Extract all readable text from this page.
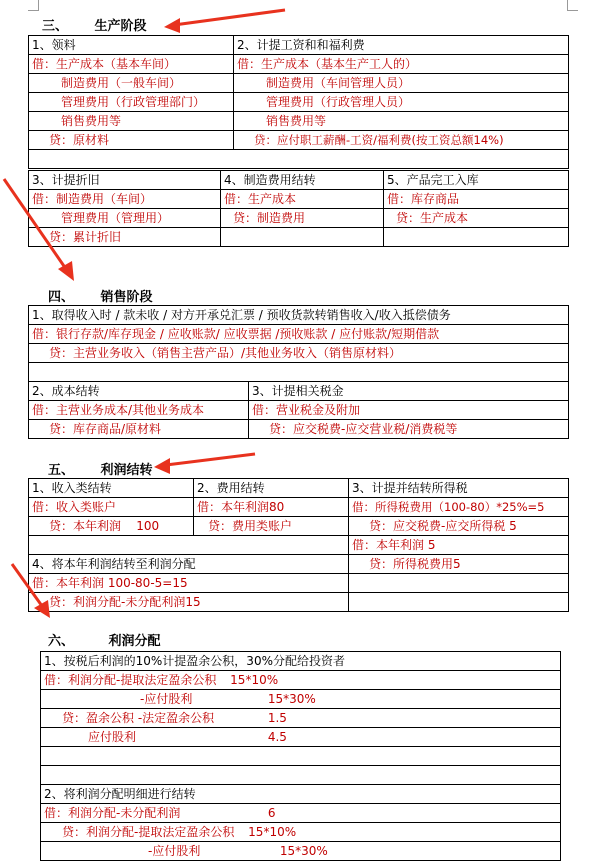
三、 生产阶段
1、领料	2、计提工资和和福利费
借：生产成本（基本车间）	借：生产成本（基本生产工人的）
制造费用（一般车间）	制造费用（车间管理人员）
管理费用（行政管理部门）	管理费用（行政管理人员）
销售费用等	销售费用等
贷：原材料	贷：应付职工薪酬-工资/福利费(按工资总额14%)

3、计提折旧	4、制造费用结转	5、产品完工入库
借：制造费用（车间）	借：生产成本	借：库存商品
管理费用（管理用）	贷：制造费用	贷：生产成本
贷：累计折旧		
四、 销售阶段
1、取得收入时 / 款未收 / 对方开承兑汇票 / 预收货款转销售收入/收入抵偿债务	
借：银行存款/库存现金 / 应收账款/ 应收票据 /预收账款 / 应付账款/短期借款	
贷：主营业务收入（销售主营产品）/其他业务收入（销售原材料）	

2、成本结转	3、计提相关税金
借：主营业务成本/其他业务成本	借：营业税金及附加
贷：库存商品/原材料	贷：应交税费-应交营业税/消费税等
五、 利润结转
1、收入类结转	2、费用结转	3、计提并结转所得税
借：收入类账户	借：本年利润80	借：所得税费用（100-80）*25%=5
贷：本年利润    100	贷：费用类账户	贷：应交税费-应交所得税 5
		借：本年利润 5
4、将本年利润结转至利润分配		贷：所得税费用5
借：本年利润 100-80-5=15		
贷：利润分配-未分配利润15		
六、	利润分配
1、按税后利润的10%计提盈余公积，30%分配给投资者
借：利润分配-提取法定盈余公积 15*10%
-应付股利	15*30%
贷：盈余公积 -法定盈余公积	1.5
应付股利	4.5

2、将利润分配明细进行结转
借：利润分配-未分配利润	6
贷：利润分配-提取法定盈余公积 15*10%
-应付股利	15*30%
